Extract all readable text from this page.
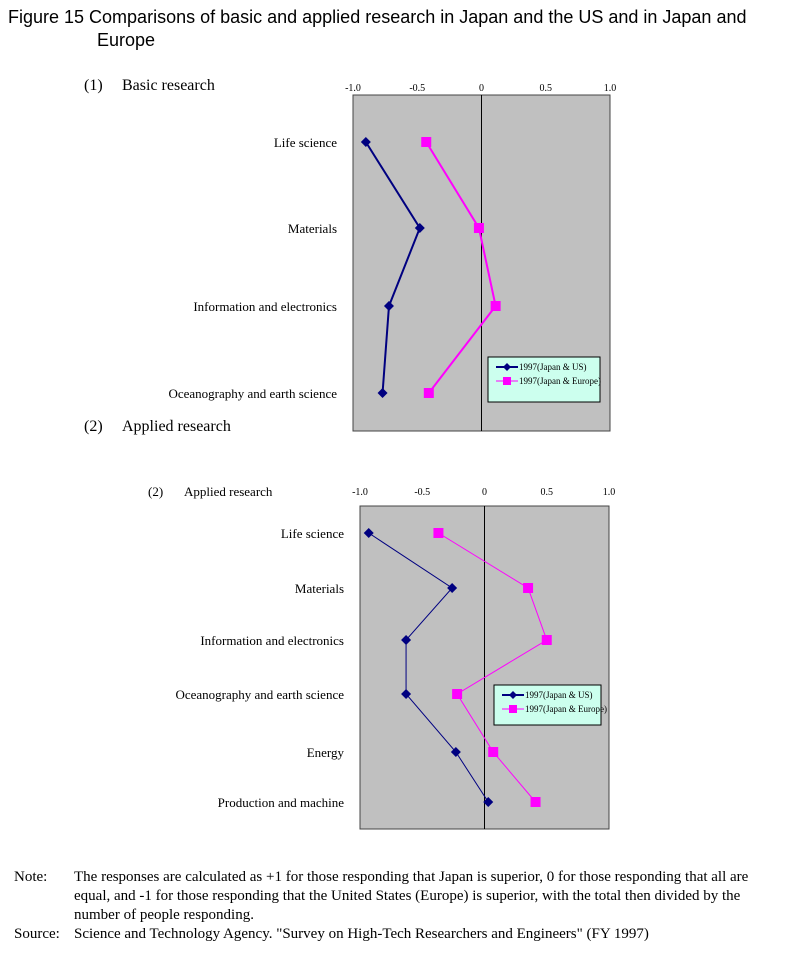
Figure 15 Comparisons of basic and applied research in Japan and the US and in Japan and
Europe
(1) Basic research
(2) Applied research
-1.0	-0.5	0	0.5	1.0
Life science
Materials
Information and electronics
Oceanography and earth science
1997(Japan & US)
1997(Japan & Europe)
-1.0	-0.5	0	0.5	1.0
(2) Applied research
Life science
Materials
Information and electronics
Oceanography and earth science
Energy
Production and machine
1997(Japan & US)
1997(Japan & Europe)
Note:	The responses are calculated as +1 for those responding that Japan is superior, 0 for those responding that all are equal, and -1 for those responding that the United States (Europe) is superior, with the total then divided by the number of people responding.
Source: Science and Technology Agency. "Survey on High-Tech Researchers and Engineers" (FY 1997)
